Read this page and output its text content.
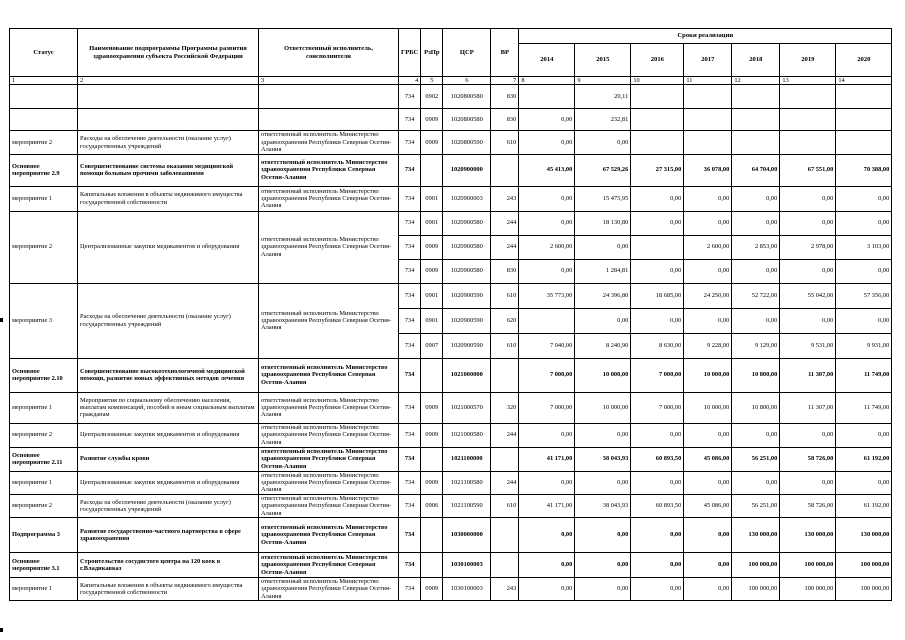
Статус	Наименование подпрограммы Программы развития здравоохранения субъекта Российской Федерации	Ответственный исполнитель, соисполнители	ГРБС	РзПр	ЦСР	ВР	Сроки реализации						
							2014	2015	2016	2017	2018	2019	2020
1	2	3	4	5	6	7	8	9	10	11	12	13	14
			734	0902	1020800580	830		20,11					
			734	0909	1020800580	830	0,00	232,81					
мероприятие 2	Расходы на обеспечение деятельности (оказание услуг) государственных учреждений	ответственный исполнитель Министерство здравоохранения Республики Северная Осетия-Алания	734	0909	1020800590	610	0,00	0,00					
Основное мероприятие 2.9	Совершенствование системы оказания медицинской помощи больным прочими заболеваниями	ответственный исполнитель Министерство здравоохранения Республики Северная Осетия-Алания	734		1020900000		45 413,00	67 529,26	27 315,00	36 078,00	64 704,00	67 551,00	70 388,00
мероприятие 1	Капитальные вложения в объекты недвижимого имущества государственной собственности	ответственный исполнитель Министерство здравоохранения Республики Северная Осетия-Алания	734	0901	1020900003	243	0,00	15 475,95	0,00	0,00	0,00	0,00	0,00
мероприятие 2	Централизованные закупки медикаментов и оборудования	ответственный исполнитель Министерство здравоохранения Республики Северная Осетия-Алания	734	0901	1020900580	244	0,00	18 130,80	0,00	0,00	0,00	0,00	0,00
			734	0909	1020900580	244	2 600,00	0,00		2 600,00	2 853,00	2 978,00	3 103,00
			734	0909	1020900580	830	0,00	1 284,81	0,00	0,00	0,00	0,00	0,00
мероприятие 3	Расходы на обеспечение деятельности (оказание услуг) государственных учреждений	ответственный исполнитель Министерство здравоохранения Республики Северная Осетия-Алания	734	0901	1020900590	610	35 773,00	24 396,80	18 685,00	24 250,00	52 722,00	55 042,00	57 356,00
			734	0901	1020900590	620		0,00	0,00	0,00	0,00	0,00	0,00
			734	0907	1020900590	610	7 040,00	8 240,90	8 630,00	9 228,00	9 129,00	9 531,00	9 931,00
Основное мероприятие 2.10	Совершенствование высокотехнологичной медицинской помощи, развитие новых эффективных методов лечения	ответственный исполнитель Министерство здравоохранения Республики Северная Осетия-Алания	734		1021000000		7 000,00	10 000,00	7 000,00	10 000,00	10 800,00	11 307,00	11 749,00
мероприятие 1	Мероприятия по социальному обеспечению населения, выплатам компенсаций, пособий и иным социальным выплатам гражданам	ответственный исполнитель Министерство здравоохранения Республики Северная Осетия-Алания	734	0909	1021000570	320	7 000,00	10 000,00	7 000,00	10 000,00	10 800,00	11 307,00	11 749,00
мероприятие 2	Централизованные закупки медикаментов и оборудования	ответственный исполнитель Министерство здравоохранения Республики Северная Осетия-Алания	734	0909	1021000580	244	0,00	0,00	0,00	0,00	0,00	0,00	0,00
Основное мероприятие 2.11	Развитие службы крови	ответственный исполнитель Министерство здравоохранения Республики Северная Осетия-Алания	734		1021100000		41 171,00	38 043,93	60 893,50	45 086,00	56 251,00	58 726,00	61 192,00
мероприятие 1	Централизованные закупки медикаментов и оборудования	ответственный исполнитель Министерство здравоохранения Республики Северная Осетия-Алания	734	0909	1021100580	244	0,00	0,00	0,00	0,00	0,00	0,00	0,00
мероприятие 2	Расходы на обеспечение деятельности (оказание услуг) государственных учреждений	ответственный исполнитель Министерство здравоохранения Республики Северная Осетия-Алания	734	0906	1021100590	610	41 171,00	38 043,93	60 893,50	45 086,00	56 251,00	58 726,00	61 192,00
Подпрограмма 3	Развитие государственно-частного партнерства в сфере здравоохранения	ответственный исполнитель Министерство здравоохранения Республики Северная Осетия-Алания	734		1030000000		0,00	0,00	0,00	0,00	130 000,00	130 000,00	130 000,00
Основное мероприятие 3.1	Строительство сосудистого центра на 120 коек в г.Владикавказ	ответственный исполнитель Министерство здравоохранения Республики Северная Осетия-Алания	734		1030100003		0,00	0,00	0,00	0,00	100 000,00	100 000,00	100 000,00
мероприятие 1	Капитальные вложения в объекты недвижимого имущества государственной собственности	ответственный исполнитель Министерство здравоохранения Республики Северная Осетия-Алания	734	0909	1030100003	243	0,00	0,00	0,00	0,00	100 000,00	100 000,00	100 000,00
